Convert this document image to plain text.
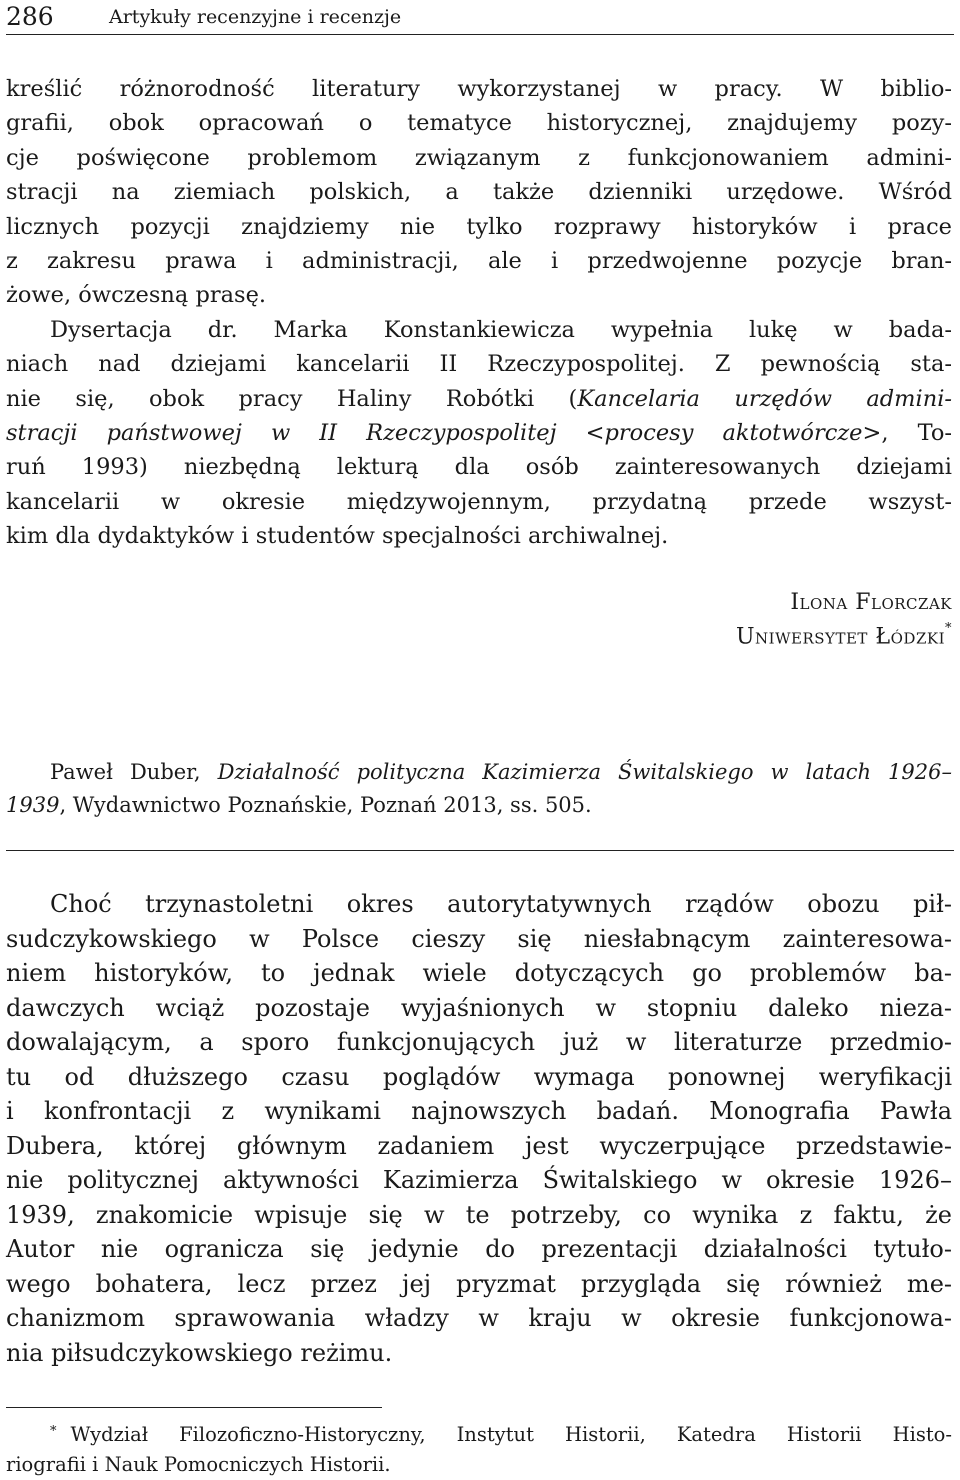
286	Artykuły recenzyjne i recenzje
kreślić różnorodność literatury wykorzystanej w pracy. W biblio-
grafii, obok opracowań o tematyce historycznej, znajdujemy pozy-
cje poświęcone problemom związanym z funkcjonowaniem admini-
stracji na ziemiach polskich, a także dzienniki urzędowe. Wśród
licznych pozycji znajdziemy nie tylko rozprawy historyków i prace
z zakresu prawa i administracji, ale i przedwojenne pozycje bran-
żowe, ówczesną prasę.
Dysertacja dr. Marka Konstankiewicza wypełnia lukę w bada-
niach nad dziejami kancelarii II Rzeczypospolitej. Z pewnością sta-
nie się, obok pracy Haliny Robótki (Kancelaria urzędów admini-
stracji państwowej w II Rzeczypospolitej <procesy aktotwórcze>, To-
ruń 1993) niezbędną lekturą dla osób zainteresowanych dziejami
kancelarii w okresie międzywojennym, przydatną przede wszyst-
kim dla dydaktyków i studentów specjalności archiwalnej.
Ilona Florczak
Uniwersytet Łódzki*
Paweł Duber, Działalność polityczna Kazimierza Świtalskiego w latach 1926–
1939, Wydawnictwo Poznańskie, Poznań 2013, ss. 505.
Choć trzynastoletni okres autorytatywnych rządów obozu pił-
sudczykowskiego w Polsce cieszy się niesłabnącym zainteresowa-
niem historyków, to jednak wiele dotyczących go problemów ba-
dawczych wciąż pozostaje wyjaśnionych w stopniu daleko nieza-
dowalającym, a sporo funkcjonujących już w literaturze przedmio-
tu od dłuższego czasu poglądów wymaga ponownej weryfikacji
i konfrontacji z wynikami najnowszych badań. Monografia Pawła
Dubera, której głównym zadaniem jest wyczerpujące przedstawie-
nie politycznej aktywności Kazimierza Świtalskiego w okresie 1926–
1939, znakomicie wpisuje się w te potrzeby, co wynika z faktu, że
Autor nie ogranicza się jedynie do prezentacji działalności tytuło-
wego bohatera, lecz przez jej pryzmat przygląda się również me-
chanizmom sprawowania władzy w kraju w okresie funkcjonowa-
nia piłsudczykowskiego reżimu.
* Wydział Filozoficzno-Historyczny, Instytut Historii, Katedra Historii Histo-
riografii i Nauk Pomocniczych Historii.
